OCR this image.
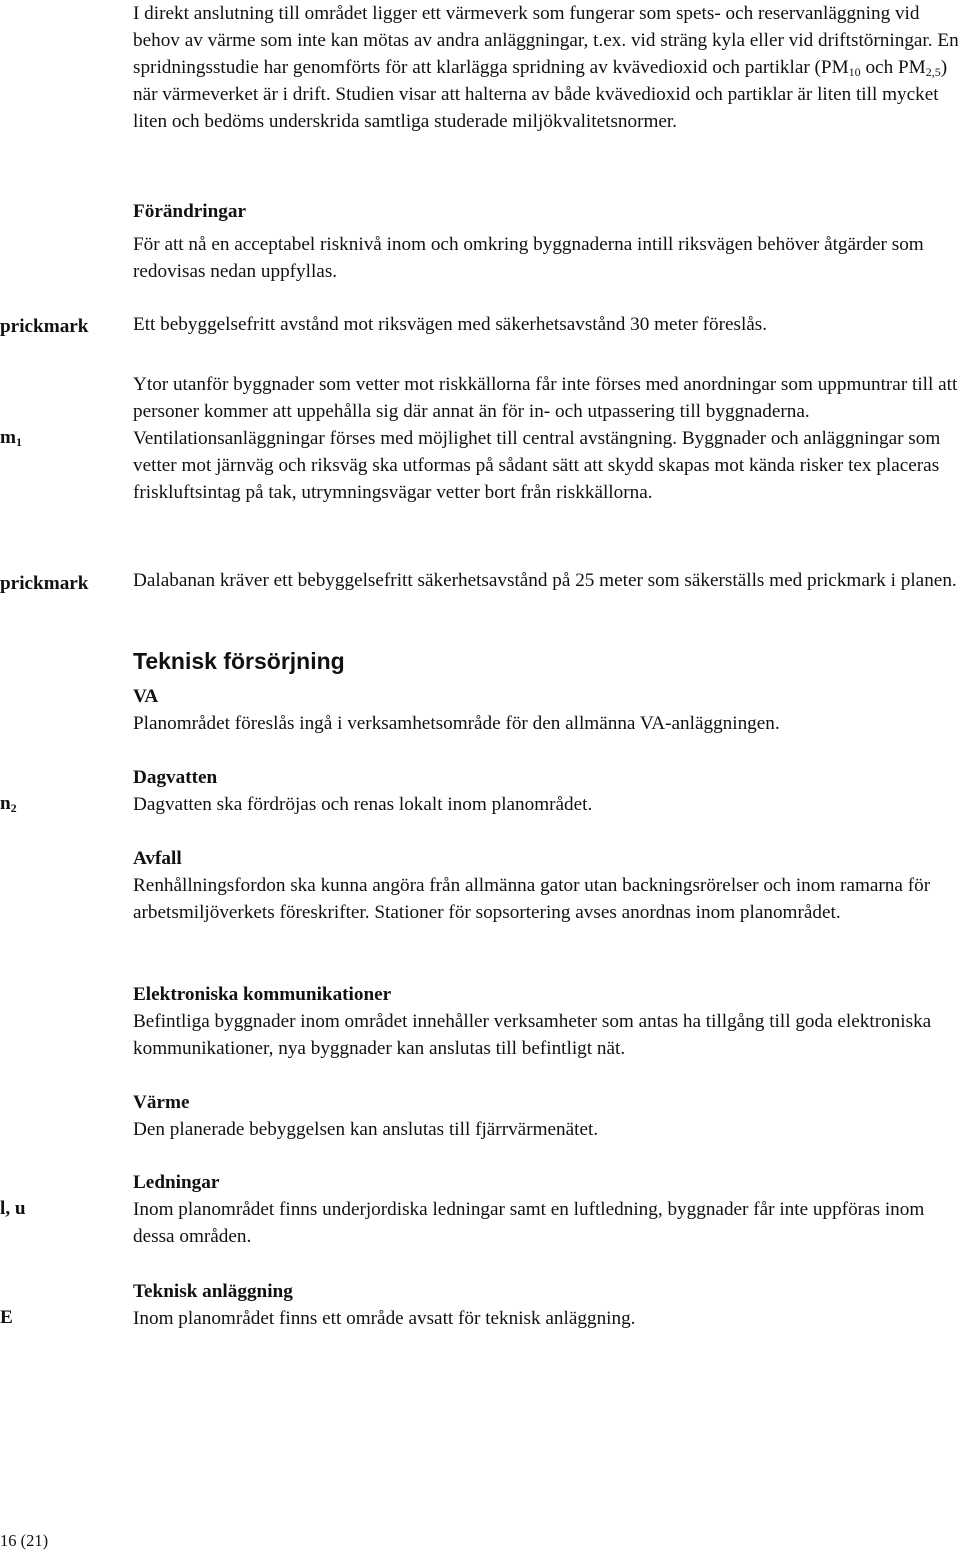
I direkt anslutning till området ligger ett värmeverk som fungerar som spets- och reservanläggning vid behov av värme som inte kan mötas av andra anläggningar, t.ex. vid sträng kyla eller vid driftstörningar. En spridningsstudie har genomförts för att klarlägga spridning av kvävedioxid och partiklar ($PM_{10}$ och $PM_{2,5}$) när värmeverket är i drift. Studien visar att halterna av både kvävedioxid och partiklar är liten till mycket liten och bedöms underskrida samtliga studerade miljökvalitetsnormer.

Förändringar

För att nå en acceptabel risknivå inom och omkring byggnaderna intill riksvägen behöver åtgärder som redovisas nedan uppfyllas.

prickmark Ett bebyggelsefritt avstånd mot riksvägen med säkerhetsavstånd 30 meter föreslås.

$m_1$

Ytor utanför byggnader som vetter mot riskkällorna får inte förses med anordningar som uppmuntrar till att personer kommer att uppehålla sig där annat än för in- och utpassering till byggnaderna. Ventilationsanläggningar förses med möjlighet till central avstängning. Byggnader och anläggningar som vetter mot järnväg och riksväg ska utformas på sådant sätt att skydd skapas mot kända risker tex placeras friskluftsintag på tak, utrymningsvägar vetter bort från riskkällorna.

prickmark Dalabanan kräver ett bebyggelsefritt säkerhetsavstånd på 25 meter som säkerställs med prickmark i planen.

Teknisk försörjning
VA

Planområdet föreslås ingå i verksamhetsområde för den allmänna VA-anläggningen.

$n_2$
Dagvatten

Dagvatten ska fördröjas och renas lokalt inom planområdet.

Avfall

Renhållningsfordon ska kunna angöra från allmänna gator utan backningsrörelser och inom ramarna för arbetsmiljöverkets föreskrifter. Stationer för sopsortering avses anordnas inom planområdet.

Elektroniska kommunikationer

Befintliga byggnader inom området innehåller verksamheter som antas ha tillgång till goda elektroniska kommunikationer, nya byggnader kan anslutas till befintligt nät.

Värme

Den planerade bebyggelsen kan anslutas till fjärrvärmenätet.

l, u
Ledningar

Inom planområdet finns underjordiska ledningar samt en luftledning, byggnader får inte uppföras inom dessa områden.

E
Teknisk anläggning

Inom planområdet finns ett område avsatt för teknisk anläggning.

16 (21)
